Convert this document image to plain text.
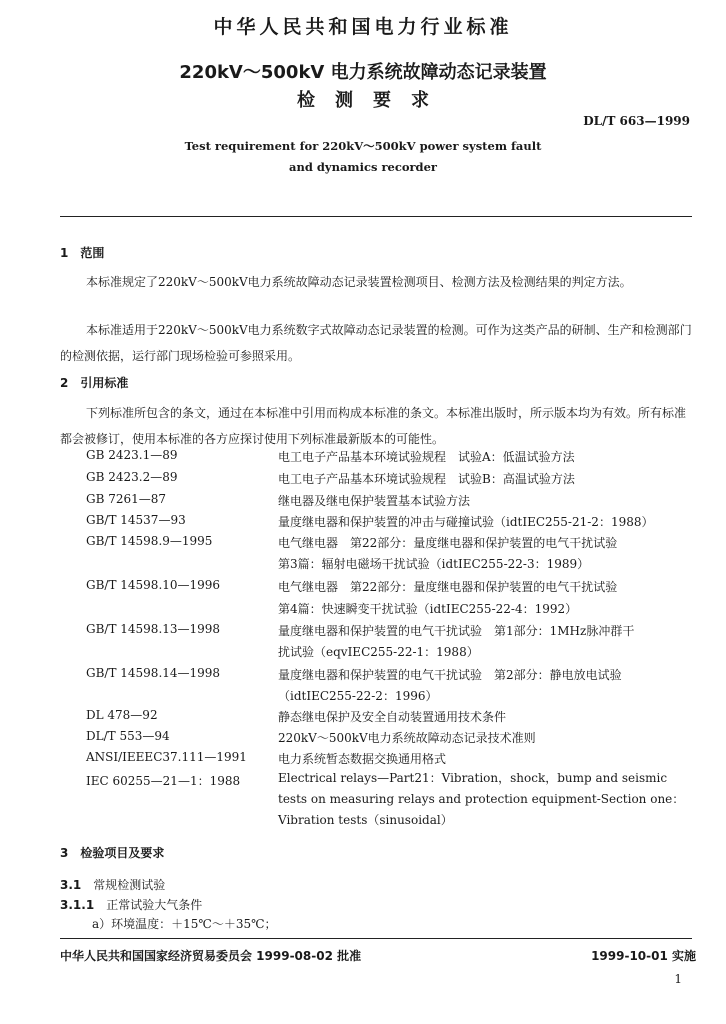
中华人民共和国电力行业标准
220kV～500kV 电力系统故障动态记录装置
检测要求
DL/T 663—1999
Test requirement for 220kV～500kV power system fault
and dynamics recorder
1　范围
本标准规定了220kV～500kV电力系统故障动态记录装置检测项目、检测方法及检测结果的判定方法。
本标准适用于220kV～500kV电力系统数字式故障动态记录装置的检测。可作为这类产品的研制、生产和检测部门的检测依据，运行部门现场检验可参照采用。
2　引用标准
下列标准所包含的条文，通过在本标准中引用而构成本标准的条文。本标准出版时，所示版本均为有效。所有标准都会被修订，使用本标准的各方应探讨使用下列标准最新版本的可能性。
GB 2423.1—89	电工电子产品基本环境试验规程　试验A：低温试验方法
GB 2423.2—89	电工电子产品基本环境试验规程　试验B：高温试验方法
GB 7261—87	继电器及继电保护装置基本试验方法
GB/T 14537—93	量度继电器和保护装置的冲击与碰撞试验（idtIEC255-21-2：1988）
GB/T 14598.9—1995	电气继电器　第22部分：量度继电器和保护装置的电气干扰试验
第3篇：辐射电磁场干扰试验（idtIEC255-22-3：1989）
GB/T 14598.10—1996	电气继电器　第22部分：量度继电器和保护装置的电气干扰试验
第4篇：快速瞬变干扰试验（idtIEC255-22-4：1992）
GB/T 14598.13—1998	量度继电器和保护装置的电气干扰试验　第1部分：1MHz脉冲群干
扰试验（eqvIEC255-22-1：1988）
GB/T 14598.14—1998	量度继电器和保护装置的电气干扰试验　第2部分：静电放电试验
（idtIEC255-22-2：1996）
DL 478—92	静态继电保护及安全自动装置通用技术条件
DL/T 553—94	220kV～500kV电力系统故障动态记录技术准则
ANSI/IEEEC37.111—1991	电力系统暂态数据交换通用格式
IEC 60255—21—1：1988	Electrical relays—Part21：Vibration，shock，bump and seismic tests on measuring relays and protection equipment-Section one：Vibration tests（sinusoidal）
3　检验项目及要求
3.1　 常规检测试验
3.1.1　 正常试验大气条件
a）环境温度：＋15℃～＋35℃；
中华人民共和国国家经济贸易委员会 1999-08-02 批准	1999-10-01 实施
1
